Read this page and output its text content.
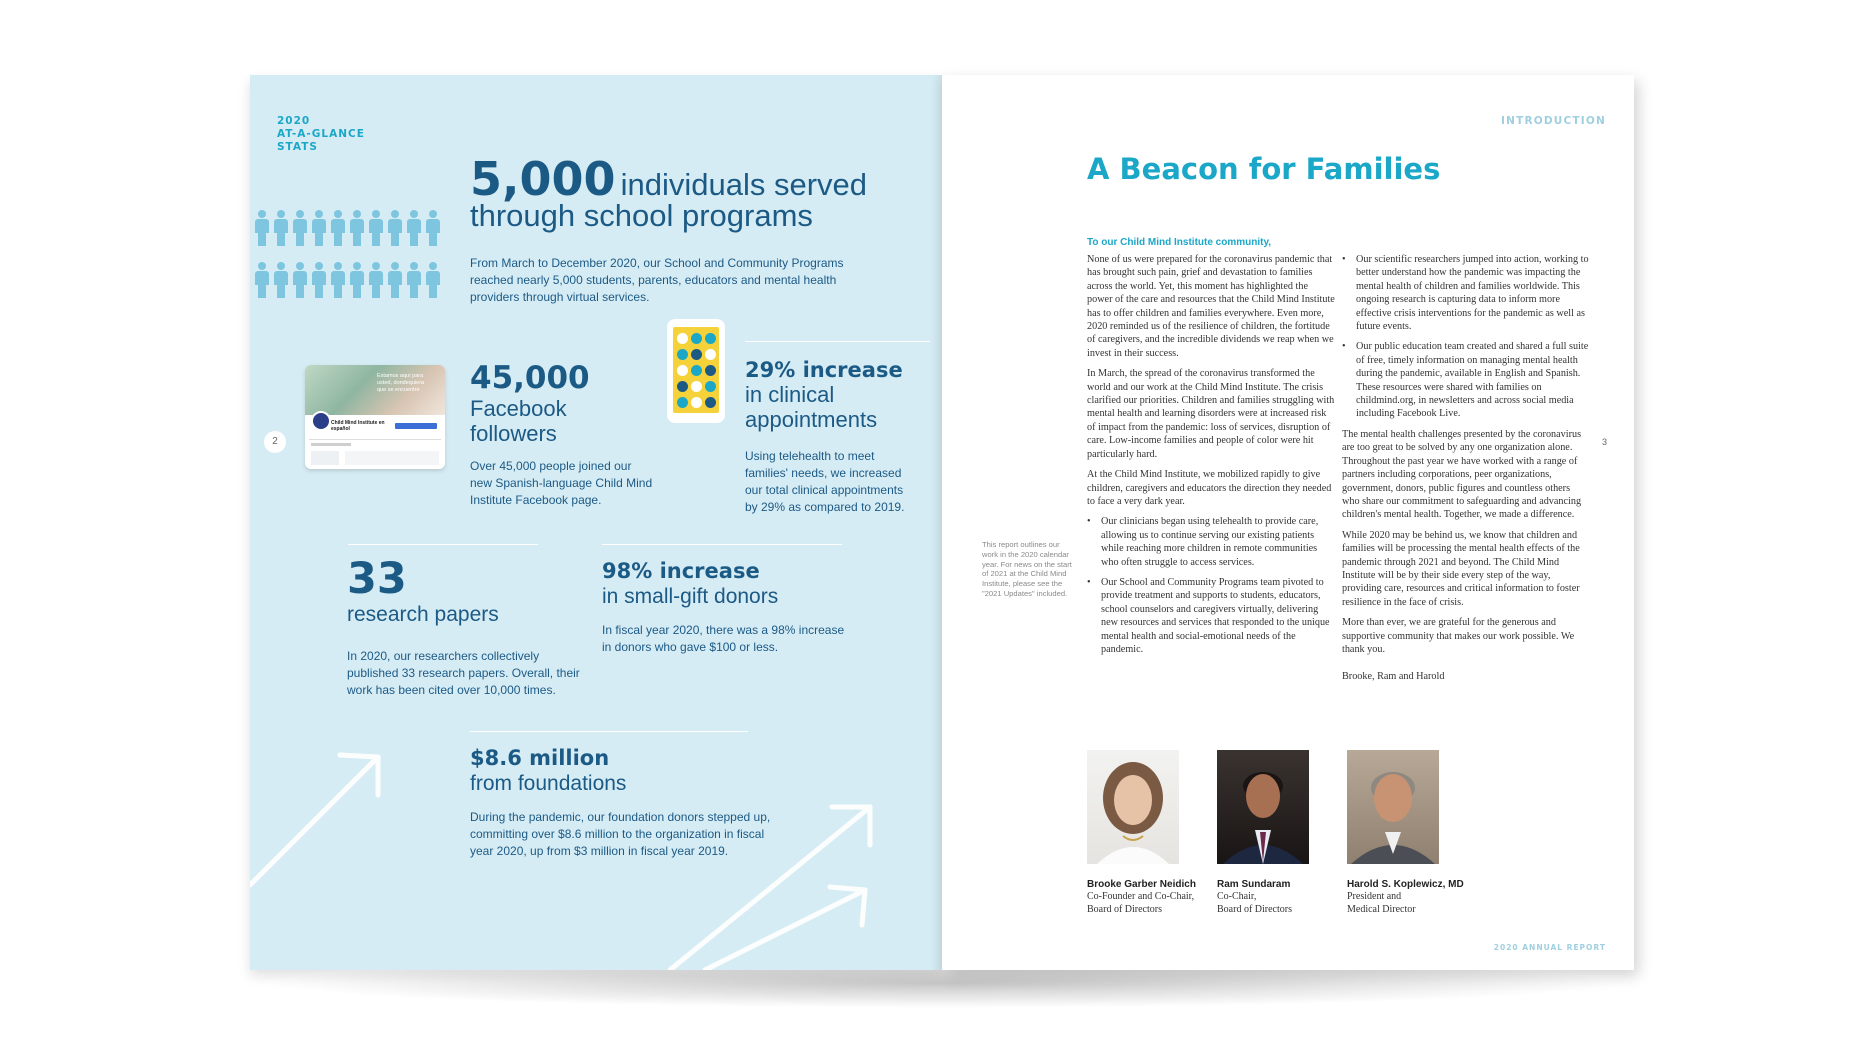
2020
AT-A-GLANCE
STATS
5,000 individuals served
through school programs
From March to December 2020, our School and Community Programs
reached nearly 5,000 students, parents, educators and mental health
providers through virtual services.
Estamos aquí para
usted, dondequiera
que se encuentre
Child Mind Institute en español
2
45,000
Facebook
followers
Over 45,000 people joined our
new Spanish-language Child Mind
Institute Facebook page.
29% increase
in clinical
appointments
Using telehealth to meet
families' needs, we increased
our total clinical appointments
by 29% as compared to 2019.
33
research papers
In 2020, our researchers collectively
published 33 research papers. Overall, their
work has been cited over 10,000 times.
98% increase
in small-gift donors
In fiscal year 2020, there was a 98% increase
in donors who gave $100 or less.
$8.6 million
from foundations
During the pandemic, our foundation donors stepped up,
committing over $8.6 million to the organization in fiscal
year 2020, up from $3 million in fiscal year 2019.
INTRODUCTION
A Beacon for Families
To our Child Mind Institute community,

None of us were prepared for the coronavirus pandemic that has brought such pain, grief and devastation to families across the world. Yet, this moment has highlighted the power of the care and resources that the Child Mind Institute has to offer children and families everywhere. Even more, 2020 reminded us of the resilience of children, the fortitude of caregivers, and the incredible dividends we reap when we invest in their success.

In March, the spread of the coronavirus transformed the world and our work at the Child Mind Institute. The crisis clarified our priorities. Children and families struggling with mental health and learning disorders were at increased risk of impact from the pandemic: loss of services, disruption of care. Low-income families and people of color were hit particularly hard.

At the Child Mind Institute, we mobilized rapidly to give children, caregivers and educators the direction they needed to face a very dark year.

• Our clinicians began using telehealth to provide care, allowing us to continue serving our existing patients while reaching more children in remote communities who often struggle to access services.
• Our School and Community Programs team pivoted to provide treatment and supports to students, educators, school counselors and caregivers virtually, delivering new resources and services that responded to the unique mental health and social-emotional needs of the pandemic.
This report outlines our work in the 2020 calendar year. For news on the start of 2021 at the Child Mind Institute, please see the "2021 Updates" included.
• Our scientific researchers jumped into action, working to better understand how the pandemic was impacting the mental health of children and families worldwide. This ongoing research is capturing data to inform more effective crisis interventions for the pandemic as well as future events.
• Our public education team created and shared a full suite of free, timely information on managing mental health during the pandemic, available in English and Spanish. These resources were shared with families on childmind.org, in newsletters and across social media including Facebook Live.

The mental health challenges presented by the coronavirus are too great to be solved by any one organization alone. Throughout the past year we have worked with a range of partners including corporations, peer organizations, government, donors, public figures and countless others who share our commitment to safeguarding and advancing children's mental health. Together, we made a difference.

While 2020 may be behind us, we know that children and families will be processing the mental health effects of the pandemic through 2021 and beyond. The Child Mind Institute will be by their side every step of the way, providing care, resources and critical information to foster resilience in the face of crisis.

More than ever, we are grateful for the generous and supportive community that makes our work possible. We thank you.

Brooke, Ram and Harold

3
Brooke Garber Neidich
Co-Founder and Co-Chair,
Board of Directors
Ram Sundaram
Co-Chair,
Board of Directors
Harold S. Koplewicz, MD
President and
Medical Director
2020 ANNUAL REPORT
